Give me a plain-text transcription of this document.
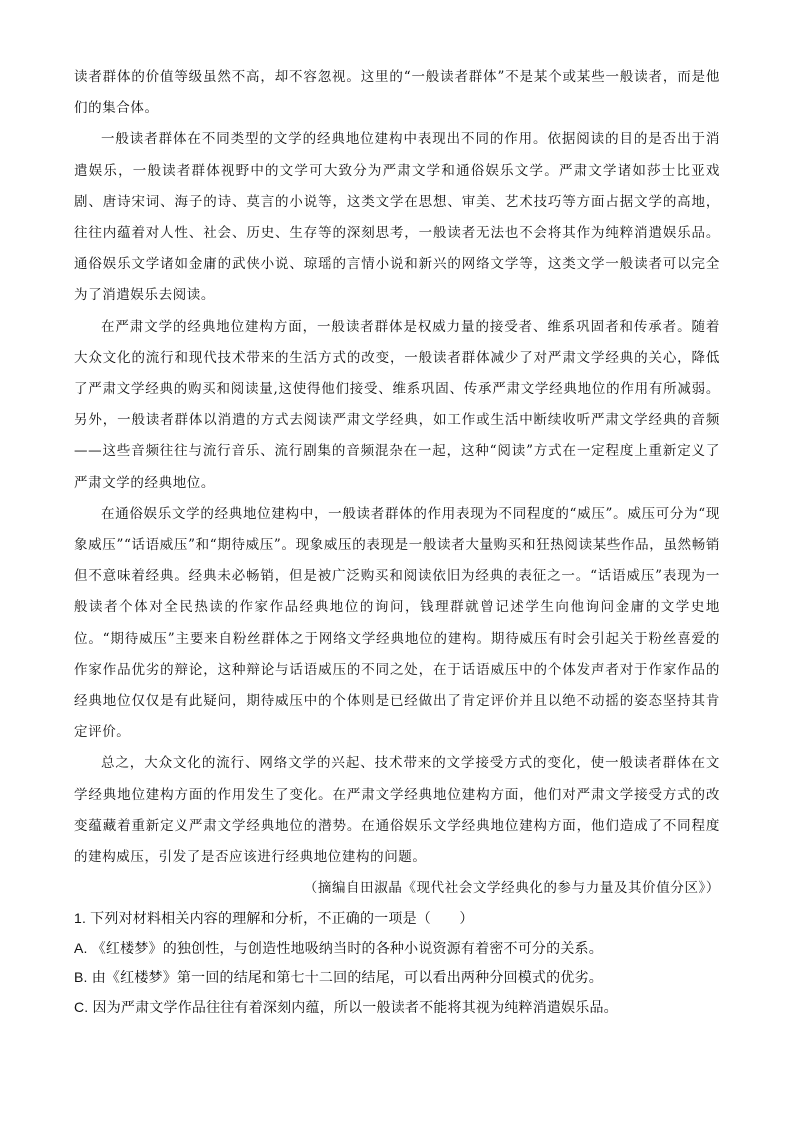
读者群体的价值等级虽然不高，却不容忽视。这里的“一般读者群体”不是某个或某些一般读者，而是他们的集合体。

一般读者群体在不同类型的文学的经典地位建构中表现出不同的作用。依据阅读的目的是否出于消遣娱乐，一般读者群体视野中的文学可大致分为严肃文学和通俗娱乐文学。严肃文学诸如莎士比亚戏剧、唐诗宋词、海子的诗、莫言的小说等，这类文学在思想、审美、艺术技巧等方面占据文学的高地，往往内蕴着对人性、社会、历史、生存等的深刻思考，一般读者无法也不会将其作为纯粹消遣娱乐品。通俗娱乐文学诸如金庸的武侠小说、琼瑶的言情小说和新兴的网络文学等，这类文学一般读者可以完全为了消遣娱乐去阅读。

在严肃文学的经典地位建构方面，一般读者群体是权威力量的接受者、维系巩固者和传承者。随着大众文化的流行和现代技术带来的生活方式的改变，一般读者群体减少了对严肃文学经典的关心，降低了严肃文学经典的购买和阅读量,这使得他们接受、维系巩固、传承严肃文学经典地位的作用有所减弱。另外，一般读者群体以消遣的方式去阅读严肃文学经典，如工作或生活中断续收听严肃文学经典的音频——这些音频往往与流行音乐、流行剧集的音频混杂在一起，这种“阅读”方式在一定程度上重新定义了严肃文学的经典地位。

在通俗娱乐文学的经典地位建构中，一般读者群体的作用表现为不同程度的“威压”。威压可分为“现象威压”“话语威压”和“期待威压”。现象威压的表现是一般读者大量购买和狂热阅读某些作品，虽然畅销但不意味着经典。经典未必畅销，但是被广泛购买和阅读依旧为经典的表征之一。“话语威压”表现为一般读者个体对全民热读的作家作品经典地位的询问，钱理群就曾记述学生向他询问金庸的文学史地位。“期待威压”主要来自粉丝群体之于网络文学经典地位的建构。期待威压有时会引起关于粉丝喜爱的作家作品优劣的辩论，这种辩论与话语威压的不同之处，在于话语威压中的个体发声者对于作家作品的经典地位仅仅是有此疑问，期待威压中的个体则是已经做出了肯定评价并且以绝不动摇的姿态坚持其肯定评价。

总之，大众文化的流行、网络文学的兴起、技术带来的文学接受方式的变化，使一般读者群体在文学经典地位建构方面的作用发生了变化。在严肃文学经典地位建构方面，他们对严肃文学接受方式的改变蕴藏着重新定义严肃文学经典地位的潜势。在通俗娱乐文学经典地位建构方面，他们造成了不同程度的建构威压，引发了是否应该进行经典地位建构的问题。

（摘编自田淑晶《现代社会文学经典化的参与力量及其价值分区》）

1. 下列对材料相关内容的理解和分析，不正确的一项是（　　）

A. 《红楼梦》的独创性，与创造性地吸纳当时的各种小说资源有着密不可分的关系。

B. 由《红楼梦》第一回的结尾和第七十二回的结尾，可以看出两种分回模式的优劣。

C. 因为严肃文学作品往往有着深刻内蕴，所以一般读者不能将其视为纯粹消遣娱乐品。
